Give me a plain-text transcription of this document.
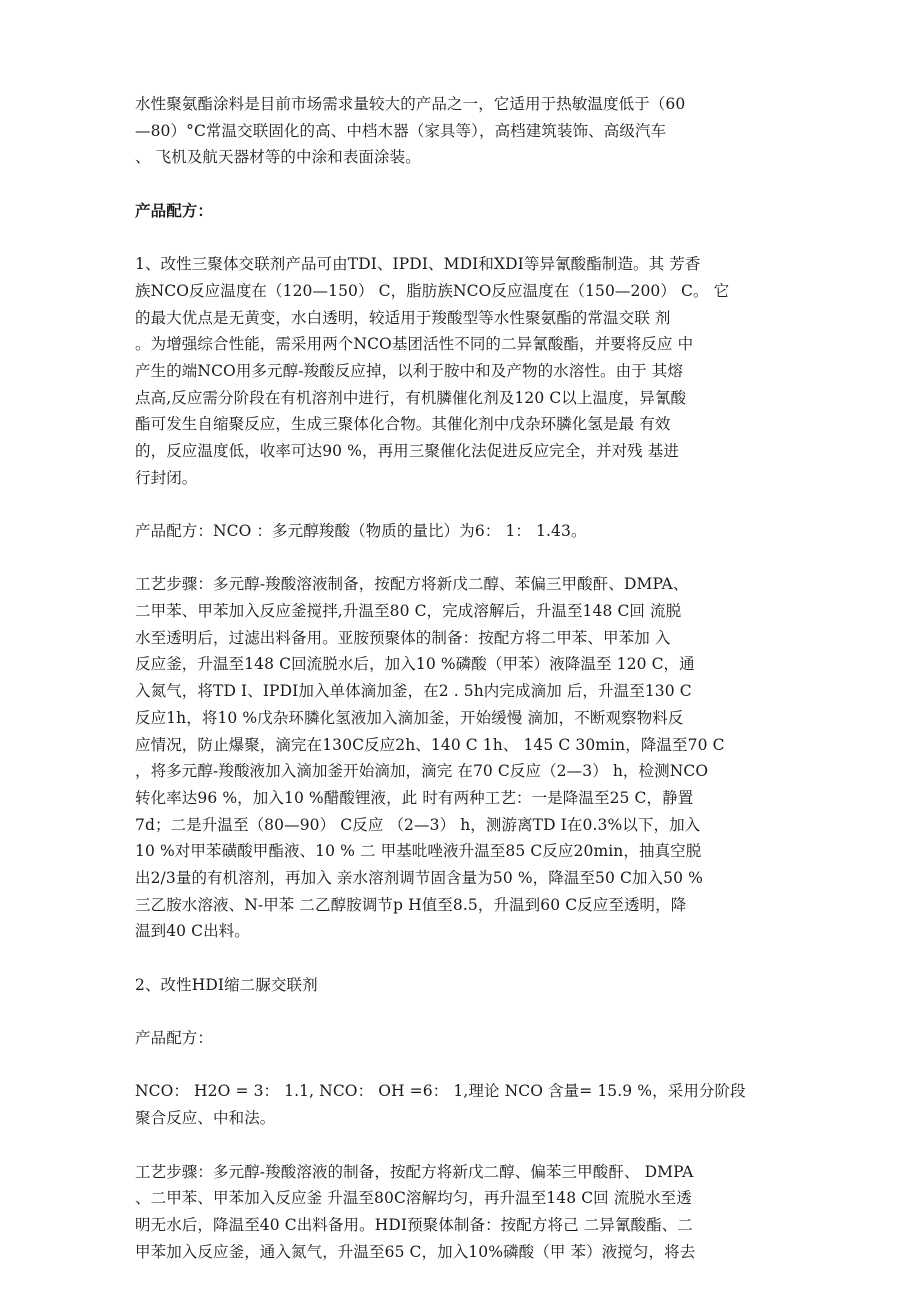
水性聚氨酯涂料是目前市场需求量较大的产品之一，它适用于热敏温度低于（60
—80）°C常温交联固化的高、中档木器（家具等），高档建筑装饰、高级汽车
、 飞机及航天器材等的中涂和表面涂装。
产品配方：
1、改性三聚体交联剂产品可由TDI、IPDI、MDI和XDI等异氰酸酯制造。其 芳香
族NCO反应温度在（120—150） C，脂肪族NCO反应温度在（150—200） C。 它
的最大优点是无黄变，水白透明，较适用于羧酸型等水性聚氨酯的常温交联 剂
。为增强综合性能，需采用两个NCO基团活性不同的二异氰酸酯，并要将反应 中
产生的端NCO用多元醇-羧酸反应掉，以利于胺中和及产物的水溶性。由于 其熔
点高,反应需分阶段在有机溶剂中进行，有机膦催化剂及120 C以上温度，异氰酸
酯可发生自缩聚反应，生成三聚体化合物。其催化剂中戊杂环膦化氢是最 有效
的，反应温度低，收率可达90 %，再用三聚催化法促进反应完全，并对残 基进
行封闭。
产品配方：NCO ：多元醇羧酸（物质的量比）为6： 1： 1.43。
工艺步骤：多元醇-羧酸溶液制备，按配方将新戊二醇、苯偏三甲酸酐、DMPA、
二甲苯、甲苯加入反应釜搅拌,升温至80 C，完成溶解后，升温至148 C回 流脱
水至透明后，过滤出料备用。亚胺预聚体的制备：按配方将二甲苯、甲苯加 入
反应釜，升温至148 C回流脱水后，加入10 %磷酸（甲苯）液降温至 120 C，通
入氮气，将TD I、IPDI加入单体滴加釜，在2 . 5h内完成滴加 后，升温至130 C
反应1h，将10 %戊杂环膦化氢液加入滴加釜，开始缓慢 滴加，不断观察物料反
应情况，防止爆聚，滴完在130C反应2h、140 C 1h、 145 C 30min，降温至70 C
，将多元醇-羧酸液加入滴加釜开始滴加，滴完 在70 C反应（2—3） h，检测NCO
转化率达96 %，加入10 %醋酸锂液，此 时有两种工艺：一是降温至25 C，静置
7d；二是升温至（80—90） C反应 （2—3） h，测游离TD I在0.3%以下，加入
10 %对甲苯磺酸甲酯液、10 % 二 甲基吡唑液升温至85 C反应20min，抽真空脱
出2/3量的有机溶剂，再加入 亲水溶剂调节固含量为50 %，降温至50 C加入50 %
三乙胺水溶液、N-甲苯 二乙醇胺调节p H值至8.5，升温到60 C反应至透明，降
温到40 C出料。
2、改性HDI缩二脲交联剂
产品配方：
NCO： H2O = 3： 1.1, NCO： OH =6： 1,理论 NCO 含量= 15.9 %，采用分阶段
聚合反应、中和法。
工艺步骤：多元醇-羧酸溶液的制备，按配方将新戊二醇、偏苯三甲酸酐、 DMPA
、二甲苯、甲苯加入反应釜 升温至80C溶解均匀，再升温至148 C回 流脱水至透
明无水后，降温至40 C出料备用。HDI预聚体制备：按配方将己 二异氰酸酯、二
甲苯加入反应釜，通入氮气，升温至65 C，加入10%磷酸（甲 苯）液搅匀，将去
